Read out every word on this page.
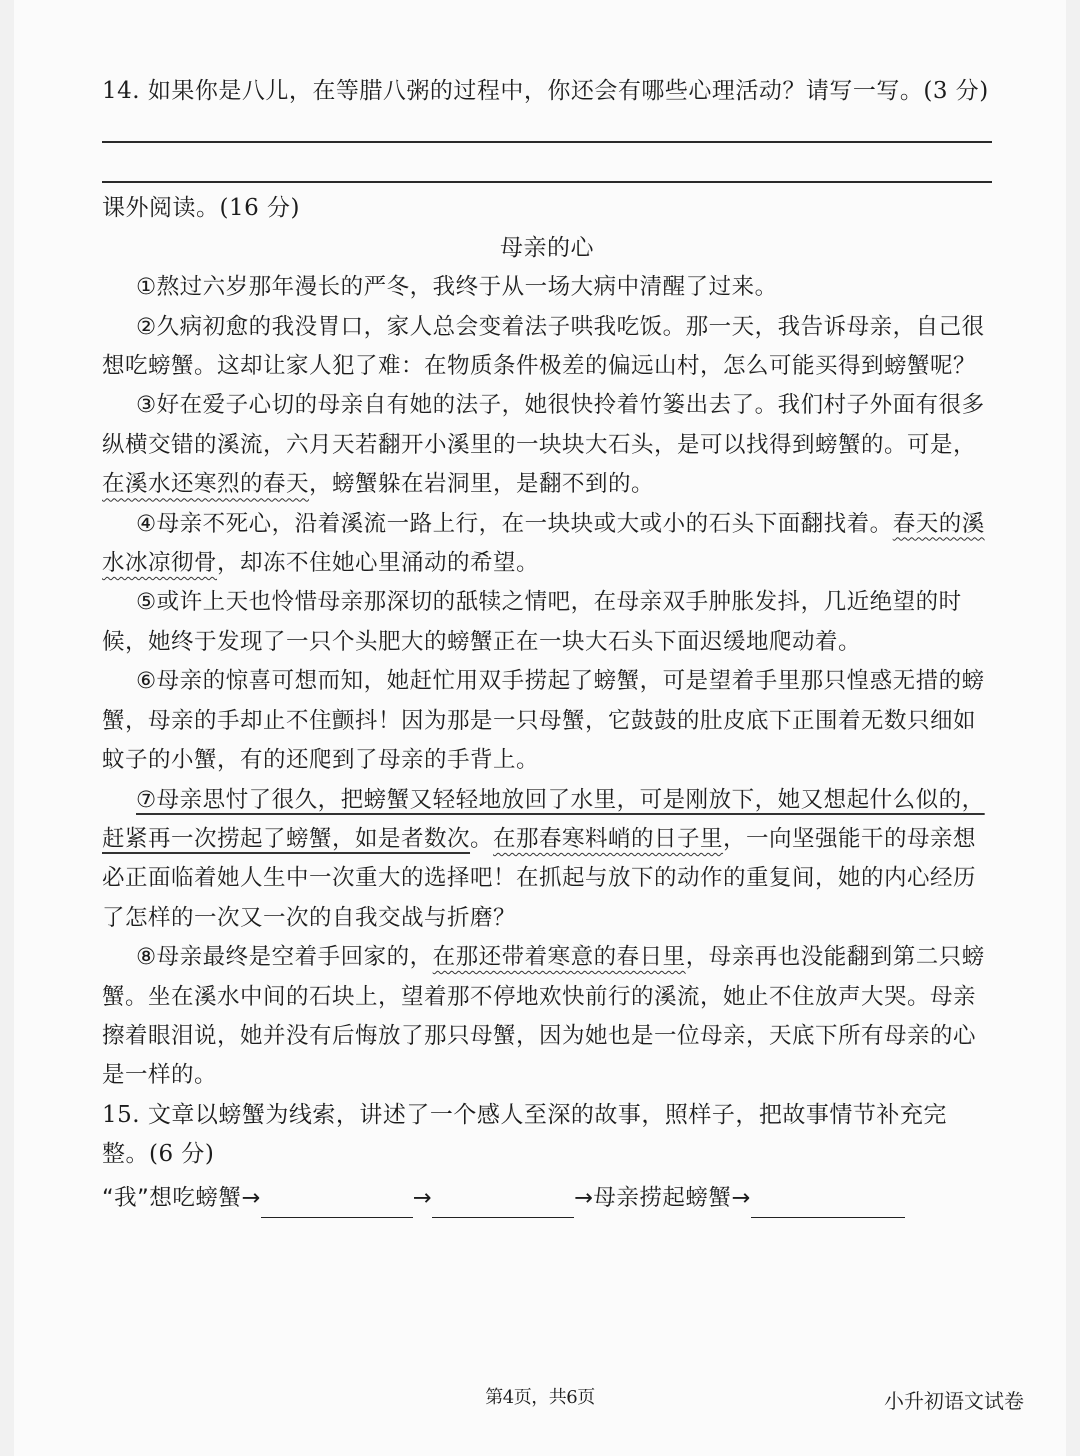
14. 如果你是八儿，在等腊八粥的过程中，你还会有哪些心理活动？请写一写。(3 分)

课外阅读。(16 分)

母亲的心

①熬过六岁那年漫长的严冬，我终于从一场大病中清醒了过来。

②久病初愈的我没胃口，家人总会变着法子哄我吃饭。那一天，我告诉母亲，自己很想吃螃蟹。这却让家人犯了难：在物质条件极差的偏远山村，怎么可能买得到螃蟹呢？

③好在爱子心切的母亲自有她的法子，她很快拎着竹篓出去了。我们村子外面有很多纵横交错的溪流，六月天若翻开小溪里的一块块大石头，是可以找得到螃蟹的。可是，在溪水还寒烈的春天，螃蟹躲在岩洞里，是翻不到的。

④母亲不死心，沿着溪流一路上行，在一块块或大或小的石头下面翻找着。春天的溪水冰凉彻骨，却冻不住她心里涌动的希望。

⑤或许上天也怜惜母亲那深切的舐犊之情吧，在母亲双手肿胀发抖，几近绝望的时候，她终于发现了一只个头肥大的螃蟹正在一块大石头下面迟缓地爬动着。

⑥母亲的惊喜可想而知，她赶忙用双手捞起了螃蟹，可是望着手里那只惶惑无措的螃蟹，母亲的手却止不住颤抖！因为那是一只母蟹，它鼓鼓的肚皮底下正围着无数只细如蚊子的小蟹，有的还爬到了母亲的手背上。

⑦母亲思忖了很久，把螃蟹又轻轻地放回了水里，可是刚放下，她又想起什么似的，赶紧再一次捞起了螃蟹，如是者数次。在那春寒料峭的日子里，一向坚强能干的母亲想必正面临着她人生中一次重大的选择吧！在抓起与放下的动作的重复间，她的内心经历了怎样的一次又一次的自我交战与折磨？

⑧母亲最终是空着手回家的，在那还带着寒意的春日里，母亲再也没能翻到第二只螃蟹。坐在溪水中间的石块上，望着那不停地欢快前行的溪流，她止不住放声大哭。母亲擦着眼泪说，她并没有后悔放了那只母蟹，因为她也是一位母亲，天底下所有母亲的心是一样的。

15. 文章以螃蟹为线索，讲述了一个感人至深的故事，照样子，把故事情节补充完整。(6 分)

“我”想吃螃蟹→	→	→母亲捞起螃蟹→
第4页，共6页	小升初语文试卷
